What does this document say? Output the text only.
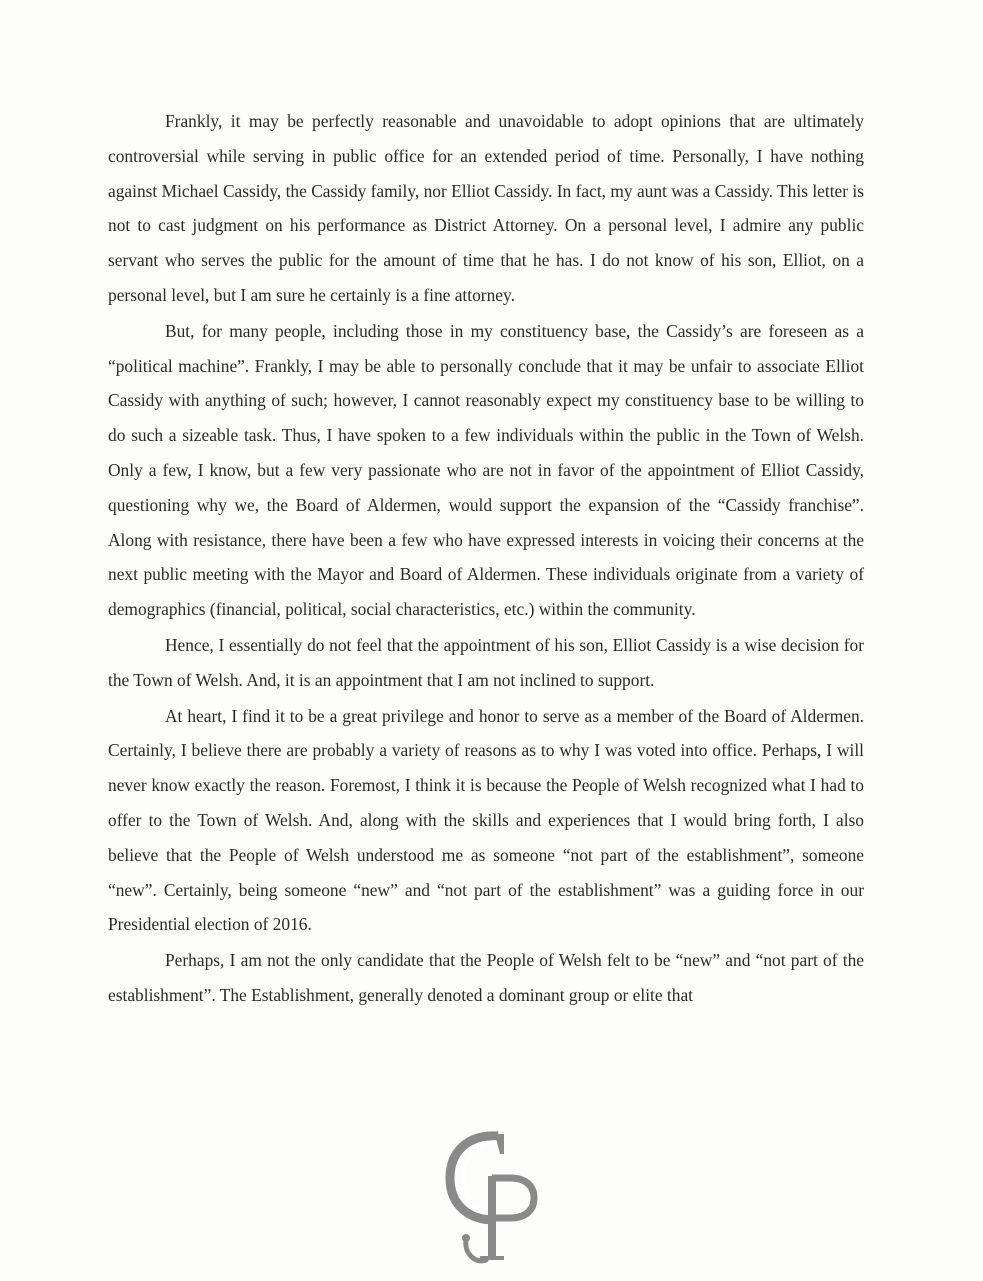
Frankly, it may be perfectly reasonable and unavoidable to adopt opinions that are ultimately controversial while serving in public office for an extended period of time. Personally, I have nothing against Michael Cassidy, the Cassidy family, nor Elliot Cassidy. In fact, my aunt was a Cassidy. This letter is not to cast judgment on his performance as District Attorney. On a personal level, I admire any public servant who serves the public for the amount of time that he has. I do not know of his son, Elliot, on a personal level, but I am sure he certainly is a fine attorney.

But, for many people, including those in my constituency base, the Cassidy’s are foreseen as a “political machine”. Frankly, I may be able to personally conclude that it may be unfair to associate Elliot Cassidy with anything of such; however, I cannot reasonably expect my constituency base to be willing to do such a sizeable task. Thus, I have spoken to a few individuals within the public in the Town of Welsh. Only a few, I know, but a few very passionate who are not in favor of the appointment of Elliot Cassidy, questioning why we, the Board of Aldermen, would support the expansion of the “Cassidy franchise”. Along with resistance, there have been a few who have expressed interests in voicing their concerns at the next public meeting with the Mayor and Board of Aldermen. These individuals originate from a variety of demographics (financial, political, social characteristics, etc.) within the community.

Hence, I essentially do not feel that the appointment of his son, Elliot Cassidy is a wise decision for the Town of Welsh. And, it is an appointment that I am not inclined to support.

At heart, I find it to be a great privilege and honor to serve as a member of the Board of Aldermen. Certainly, I believe there are probably a variety of reasons as to why I was voted into office. Perhaps, I will never know exactly the reason. Foremost, I think it is because the People of Welsh recognized what I had to offer to the Town of Welsh. And, along with the skills and experiences that I would bring forth, I also believe that the People of Welsh understood me as someone “not part of the establishment”, someone “new”. Certainly, being someone “new” and “not part of the establishment” was a guiding force in our Presidential election of 2016.

Perhaps, I am not the only candidate that the People of Welsh felt to be “new” and “not part of the establishment”. The Establishment, generally denoted a dominant group or elite that
